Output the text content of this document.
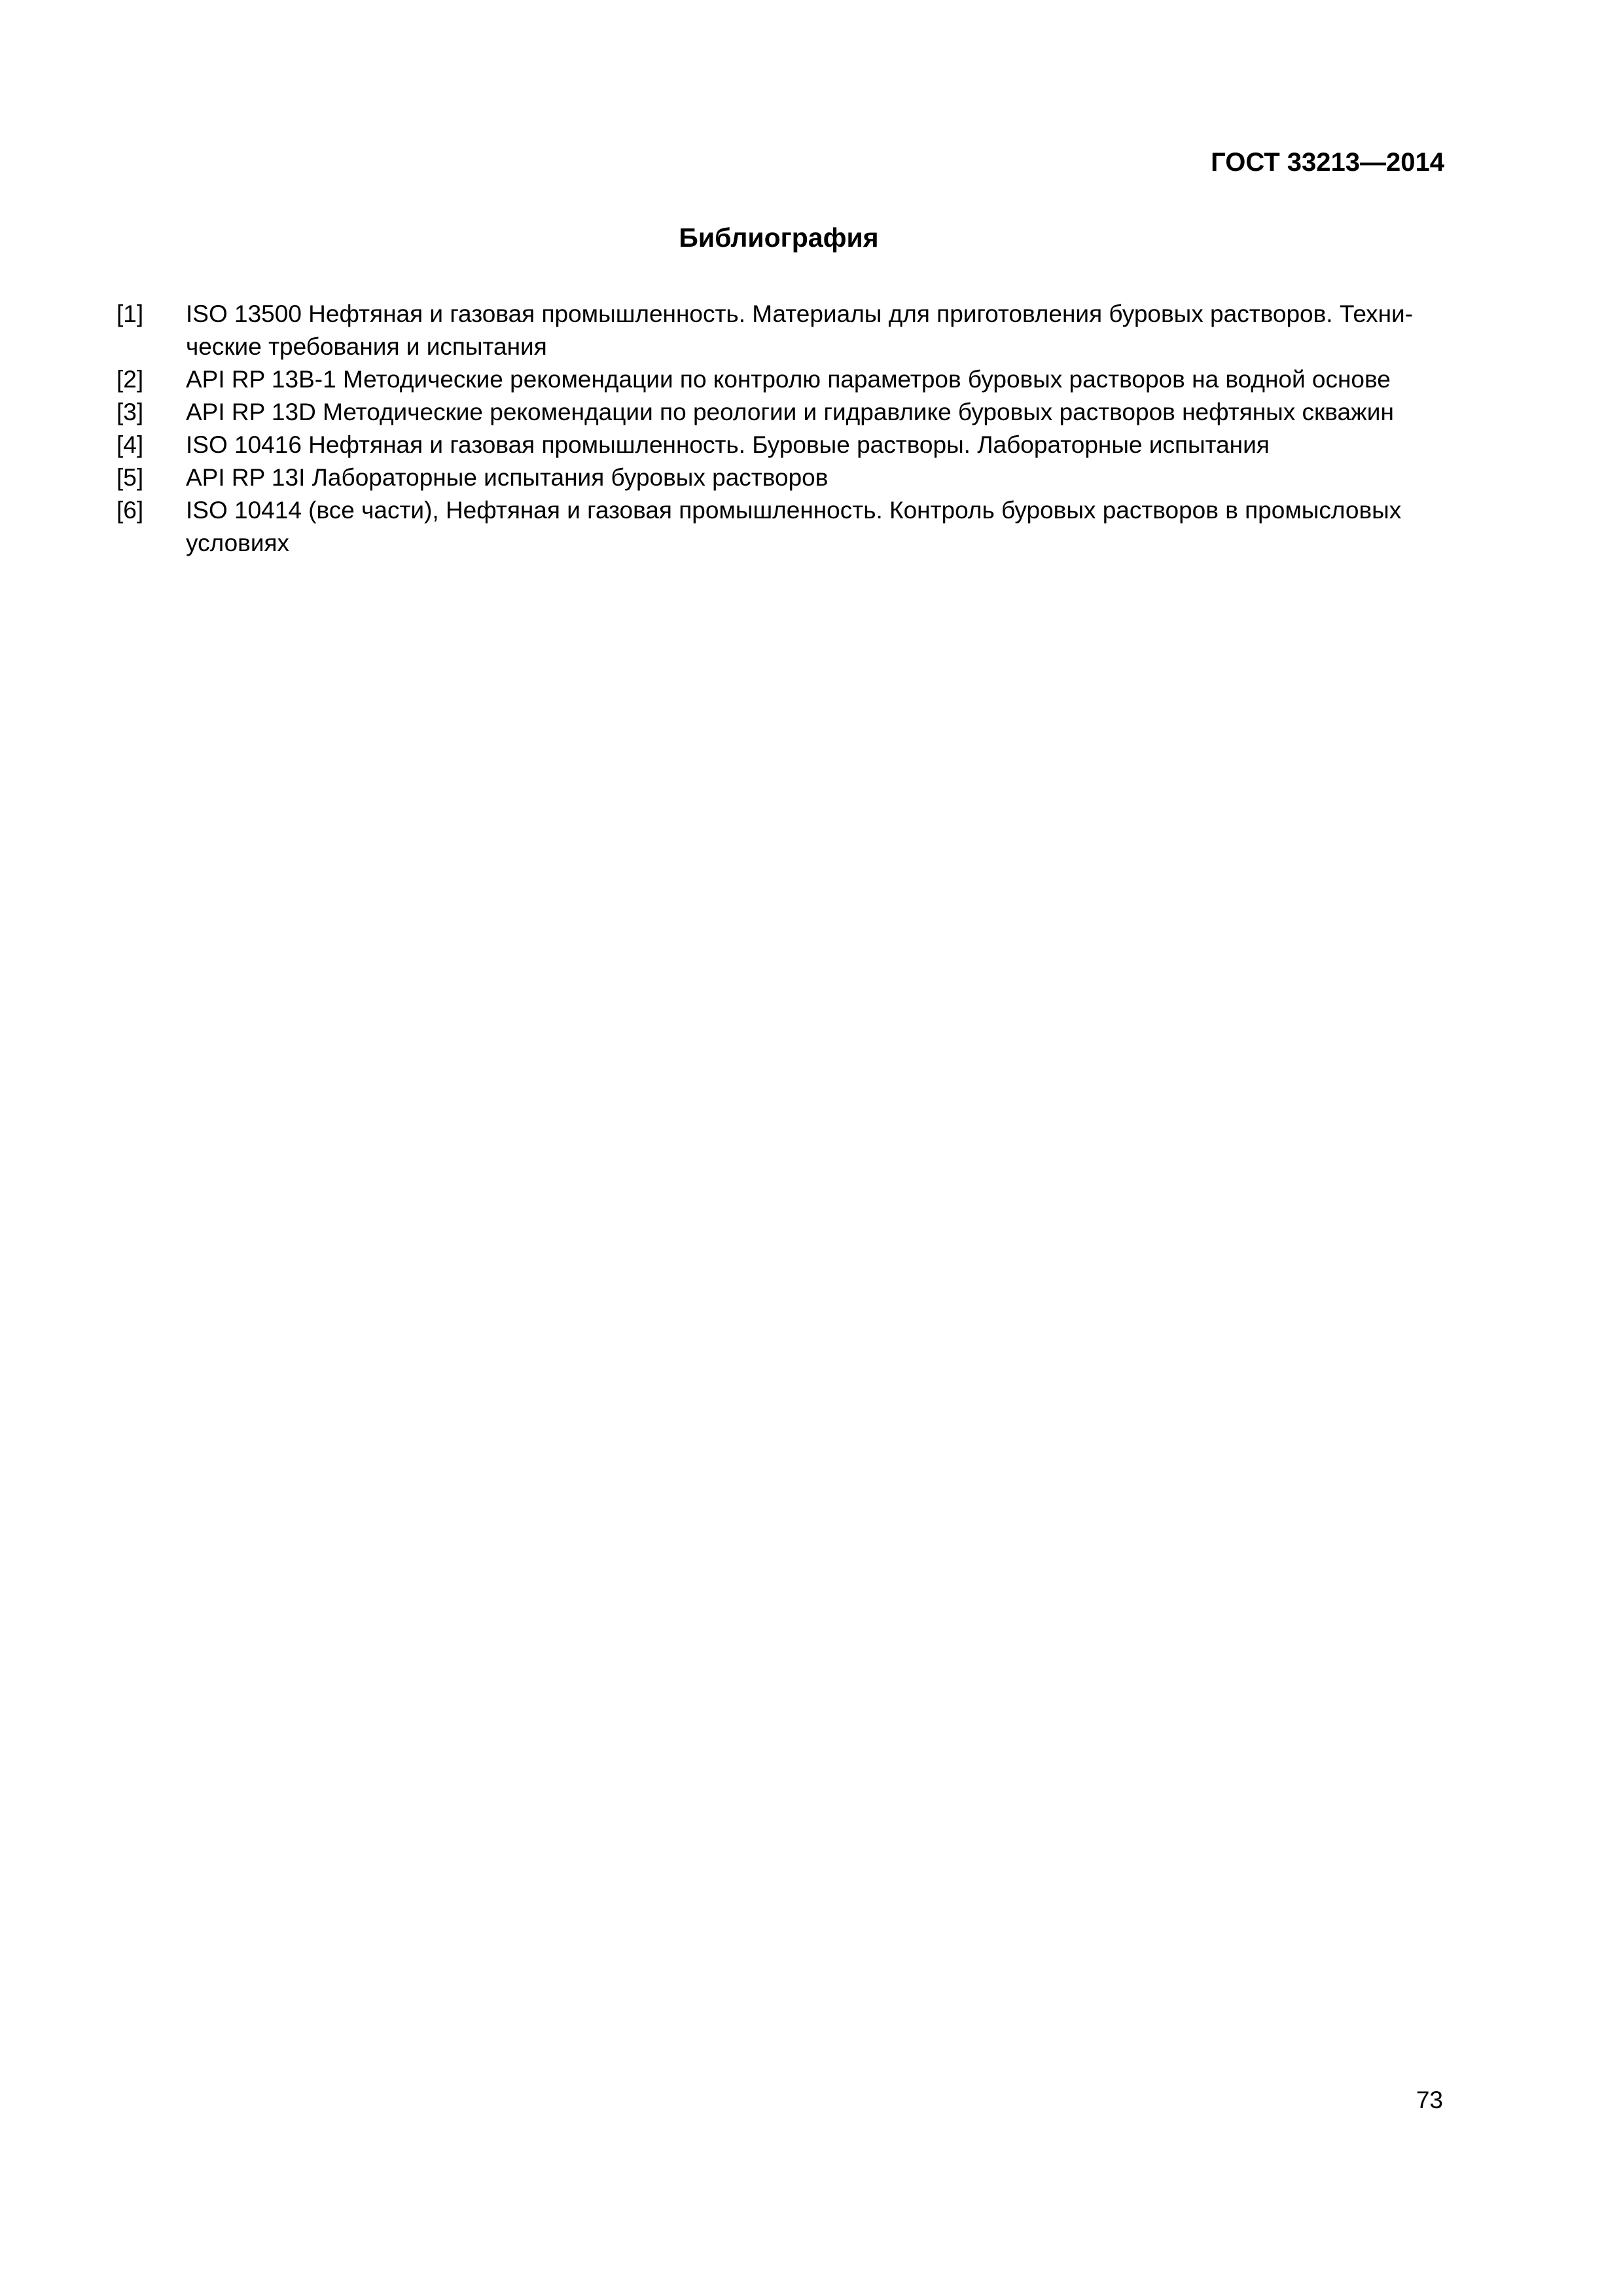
ГОСТ 33213—2014
Библиография
[1]	ISO 13500 Нефтяная и газовая промышленность. Материалы для приготовления буровых растворов. Техни-ческие требования и испытания
[2]	API RP 13B-1 Методические рекомендации по контролю параметров буровых растворов на водной основе
[3]	API RP 13D Методические рекомендации по реологии и гидравлике буровых растворов нефтяных скважин
[4]	ISO 10416 Нефтяная и газовая промышленность. Буровые растворы. Лабораторные испытания
[5]	API RP 13I Лабораторные испытания буровых растворов
[6]	ISO 10414 (все части), Нефтяная и газовая промышленность. Контроль буровых растворов в промысловых условиях
73
